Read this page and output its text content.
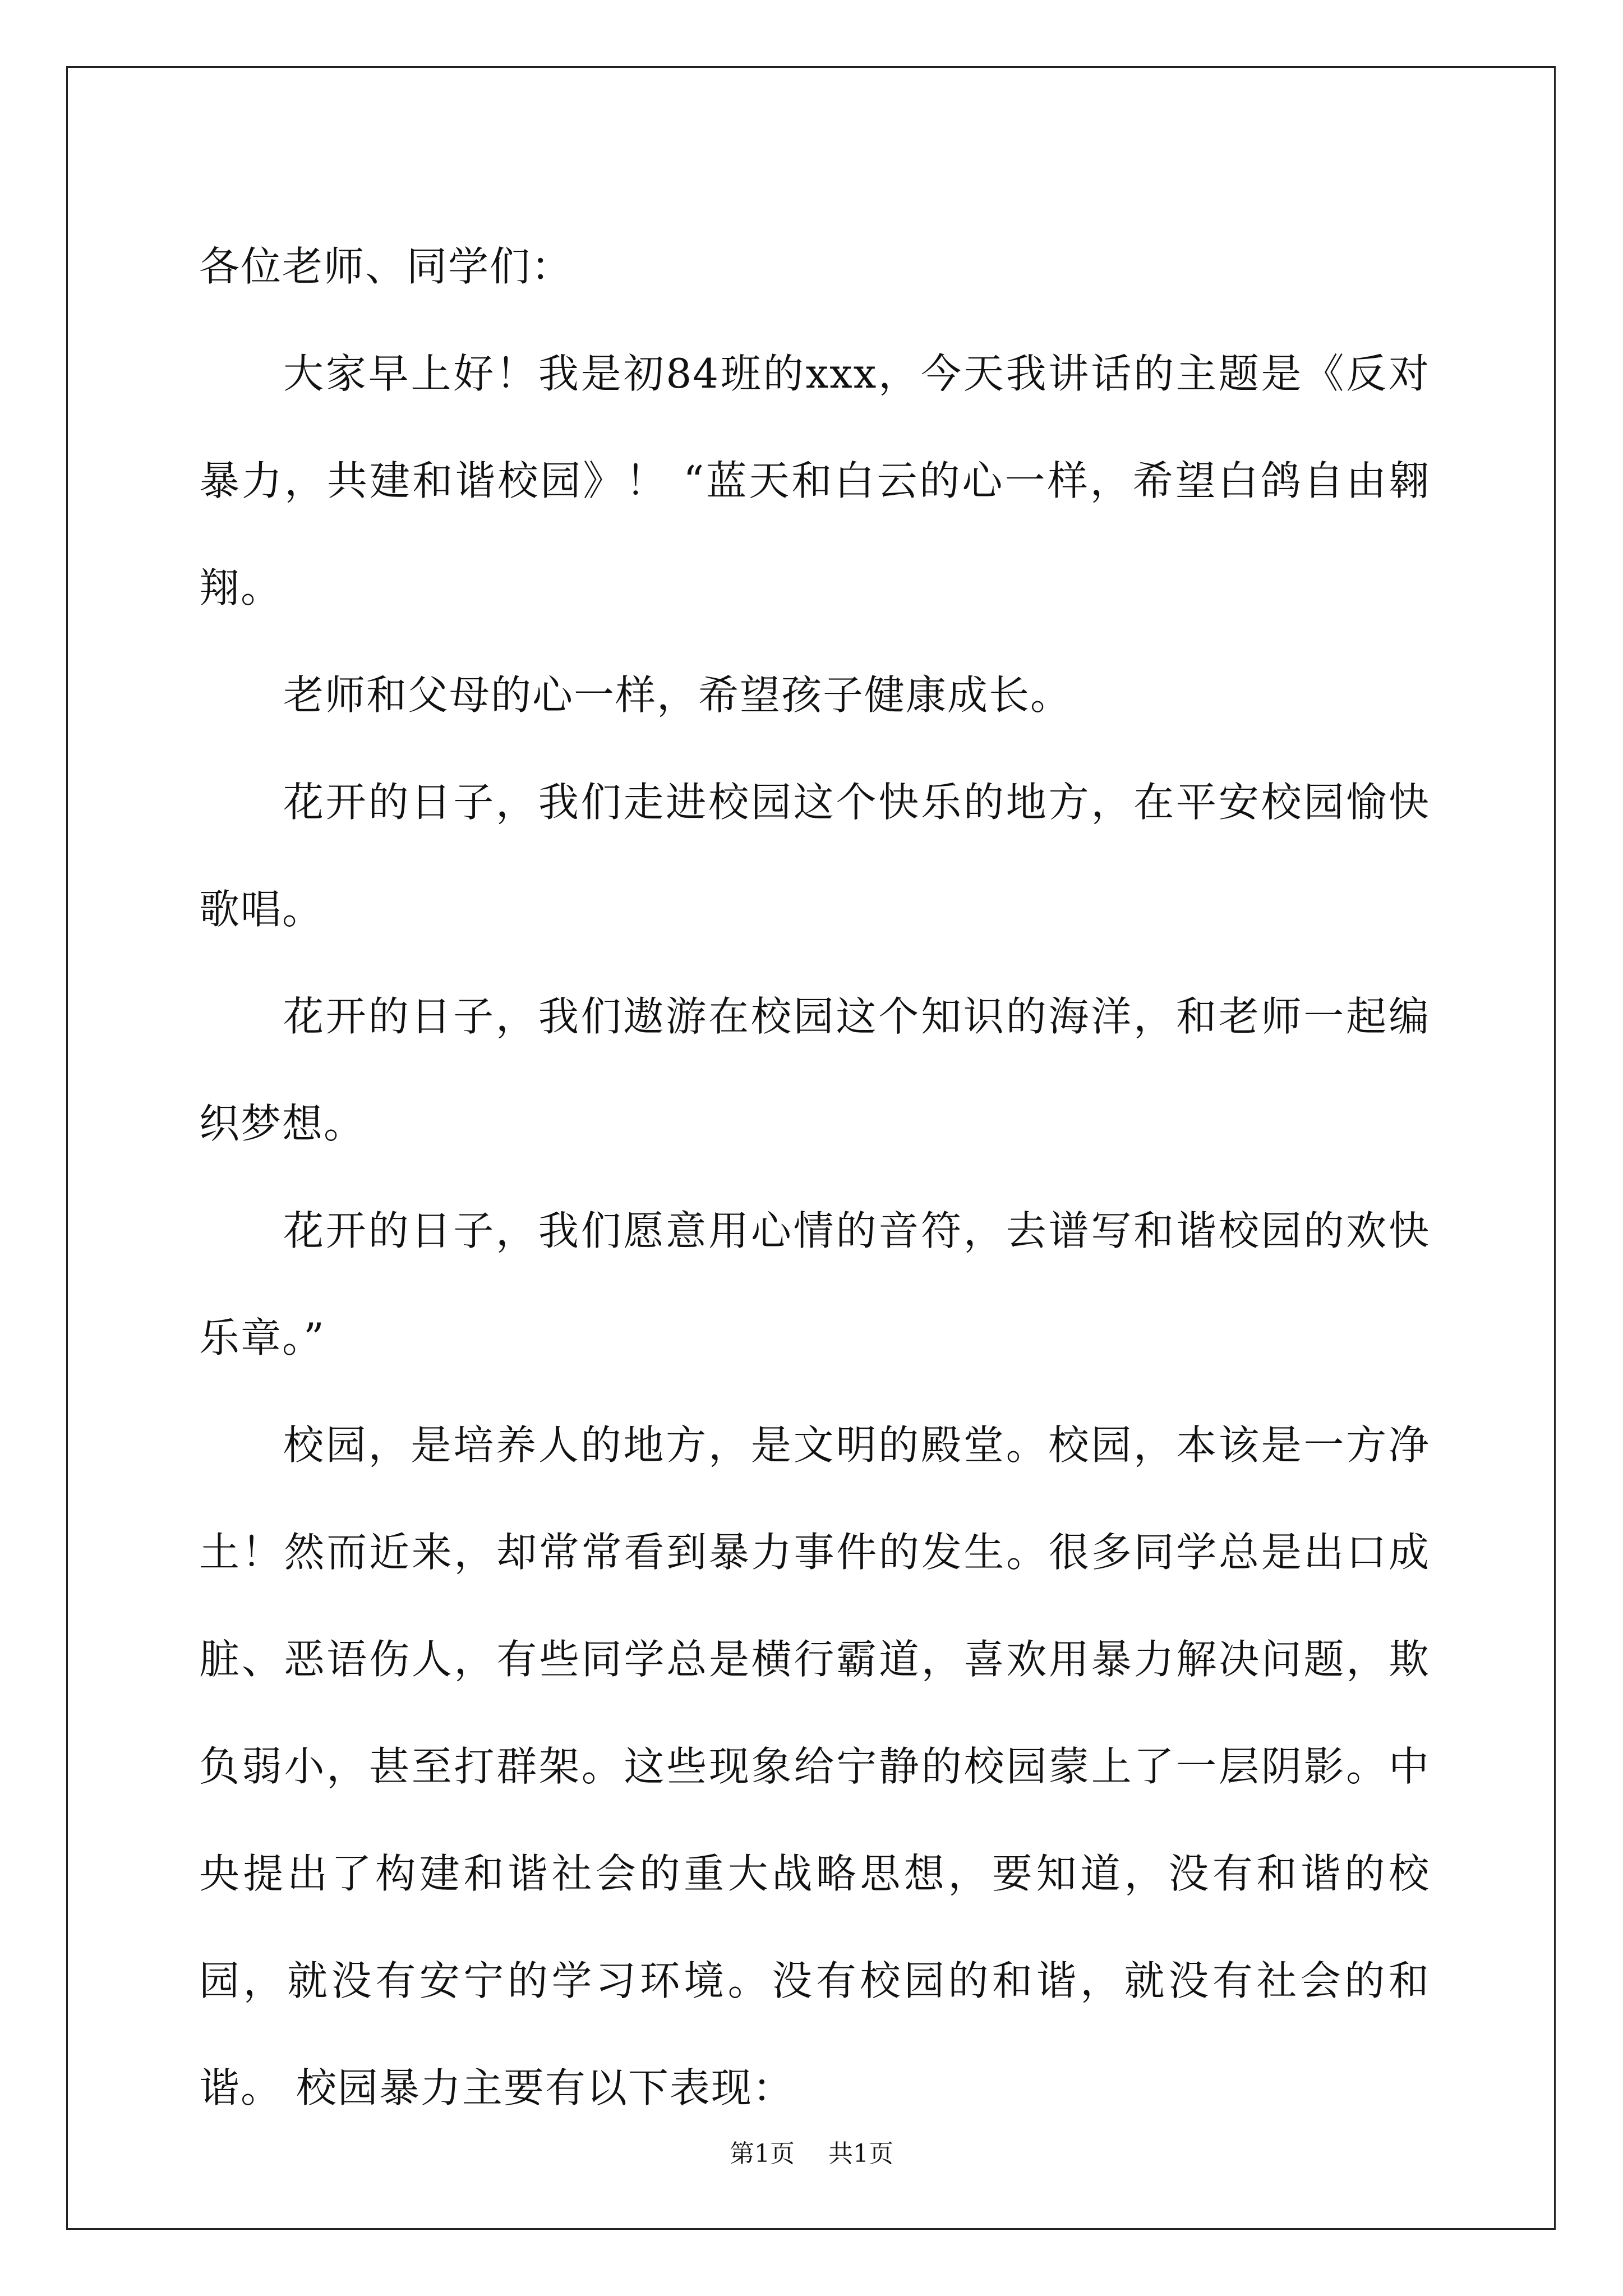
各位老师、同学们：

大家早上好！我是初84班的xxx，今天我讲话的主题是《反对暴力，共建和谐校园》！ “蓝天和白云的心一样，希望白鸽自由翱翔。

老师和父母的心一样，希望孩子健康成长。

花开的日子，我们走进校园这个快乐的地方，在平安校园愉快歌唱。

花开的日子，我们遨游在校园这个知识的海洋，和老师一起编织梦想。

花开的日子，我们愿意用心情的音符，去谱写和谐校园的欢快乐章。”

校园，是培养人的地方，是文明的殿堂。校园，本该是一方净土！然而近来，却常常看到暴力事件的发生。很多同学总是出口成脏、恶语伤人，有些同学总是横行霸道，喜欢用暴力解决问题，欺负弱小，甚至打群架。这些现象给宁静的校园蒙上了一层阴影。中央提出了构建和谐社会的重大战略思想，要知道，没有和谐的校园，就没有安宁的学习环境。没有校园的和谐，就没有社会的和谐。 校园暴力主要有以下表现：

第1页 共1页
